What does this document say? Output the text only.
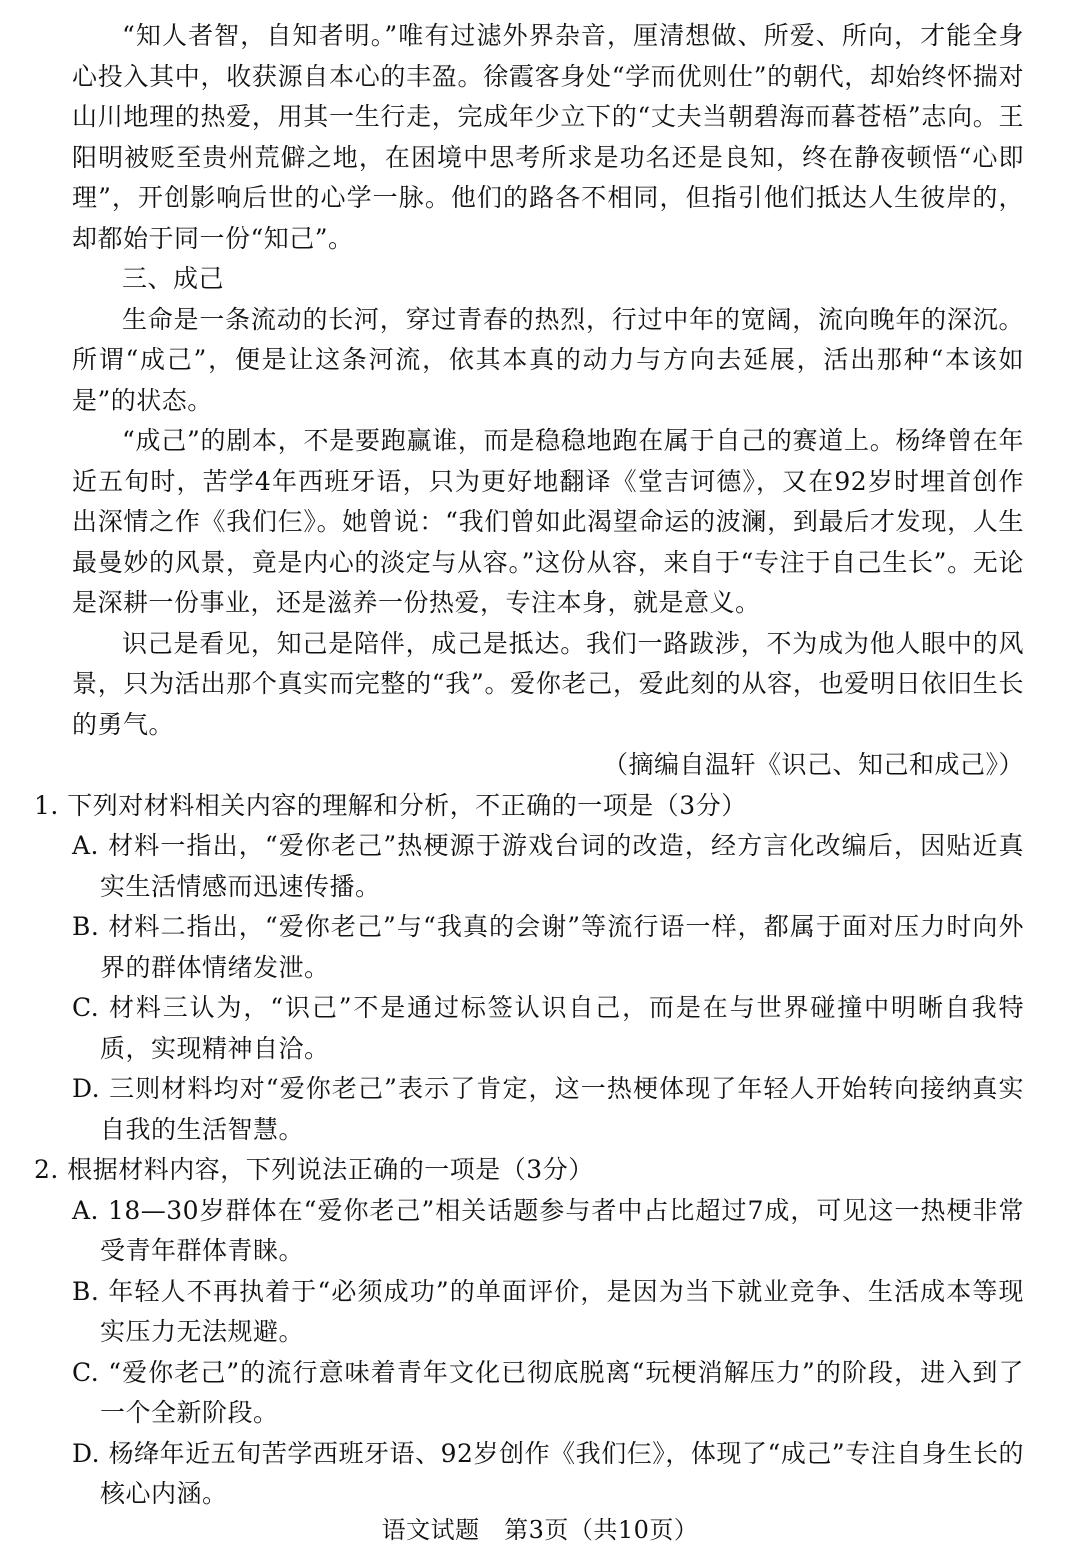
“知人者智，自知者明。”唯有过滤外界杂音，厘清想做、所爱、所向，才能全身心投入其中，收获源自本心的丰盈。徐霞客身处“学而优则仕”的朝代，却始终怀揣对山川地理的热爱，用其一生行走，完成年少立下的“丈夫当朝碧海而暮苍梧”志向。王阳明被贬至贵州荒僻之地，在困境中思考所求是功名还是良知，终在静夜顿悟“心即理”，开创影响后世的心学一脉。他们的路各不相同，但指引他们抵达人生彼岸的，却都始于同一份“知己”。

三、成己

生命是一条流动的长河，穿过青春的热烈，行过中年的宽阔，流向晚年的深沉。所谓“成己”，便是让这条河流，依其本真的动力与方向去延展，活出那种“本该如是”的状态。

“成己”的剧本，不是要跑赢谁，而是稳稳地跑在属于自己的赛道上。杨绛曾在年近五旬时，苦学4年西班牙语，只为更好地翻译《堂吉诃德》，又在92岁时埋首创作出深情之作《我们仨》。她曾说：“我们曾如此渴望命运的波澜，到最后才发现，人生最曼妙的风景，竟是内心的淡定与从容。”这份从容，来自于“专注于自己生长”。无论是深耕一份事业，还是滋养一份热爱，专注本身，就是意义。

识己是看见，知己是陪伴，成己是抵达。我们一路跋涉，不为成为他人眼中的风景，只为活出那个真实而完整的“我”。爱你老己，爱此刻的从容，也爱明日依旧生长的勇气。

（摘编自温轩《识己、知己和成己》）

1. 下列对材料相关内容的理解和分析，不正确的一项是（3分）

A. 材料一指出，“爱你老己”热梗源于游戏台词的改造，经方言化改编后，因贴近真实生活情感而迅速传播。

B. 材料二指出，“爱你老己”与“我真的会谢”等流行语一样，都属于面对压力时向外界的群体情绪发泄。

C. 材料三认为，“识己”不是通过标签认识自己，而是在与世界碰撞中明晰自我特质，实现精神自洽。

D. 三则材料均对“爱你老己”表示了肯定，这一热梗体现了年轻人开始转向接纳真实自我的生活智慧。

2. 根据材料内容，下列说法正确的一项是（3分）

A. 18—30岁群体在“爱你老己”相关话题参与者中占比超过7成，可见这一热梗非常受青年群体青睐。

B. 年轻人不再执着于“必须成功”的单面评价，是因为当下就业竞争、生活成本等现实压力无法规避。

C. “爱你老己”的流行意味着青年文化已彻底脱离“玩梗消解压力”的阶段，进入到了一个全新阶段。

D. 杨绛年近五旬苦学西班牙语、92岁创作《我们仨》，体现了“成己”专注自身生长的核心内涵。

语文试题　第3页（共10页）
